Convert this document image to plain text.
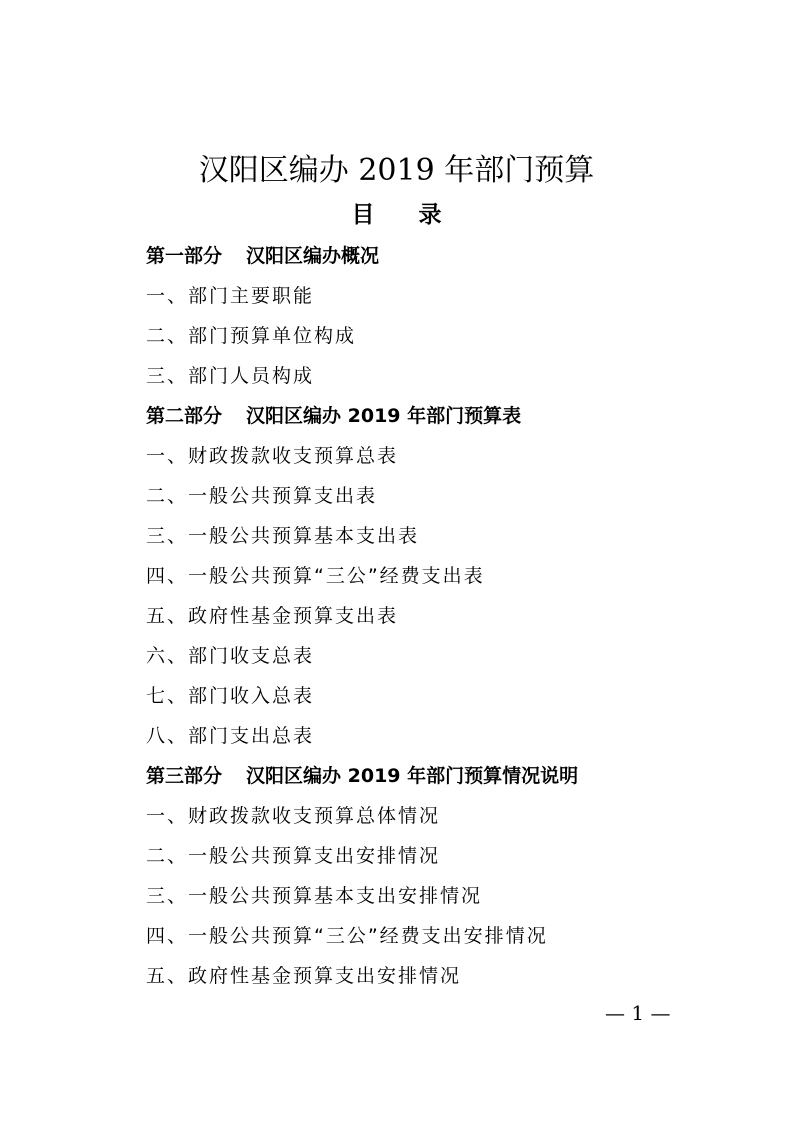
汉阳区编办 2019 年部门预算
目 录
第一部分 汉阳区编办概况
一、部门主要职能
二、部门预算单位构成
三、部门人员构成
第二部分 汉阳区编办 2019 年部门预算表
一、财政拨款收支预算总表
二、一般公共预算支出表
三、一般公共预算基本支出表
四、一般公共预算“三公”经费支出表
五、政府性基金预算支出表
六、部门收支总表
七、部门收入总表
八、部门支出总表
第三部分 汉阳区编办 2019 年部门预算情况说明
一、财政拨款收支预算总体情况
二、一般公共预算支出安排情况
三、一般公共预算基本支出安排情况
四、一般公共预算“三公”经费支出安排情况
五、政府性基金预算支出安排情况
— 1 —
